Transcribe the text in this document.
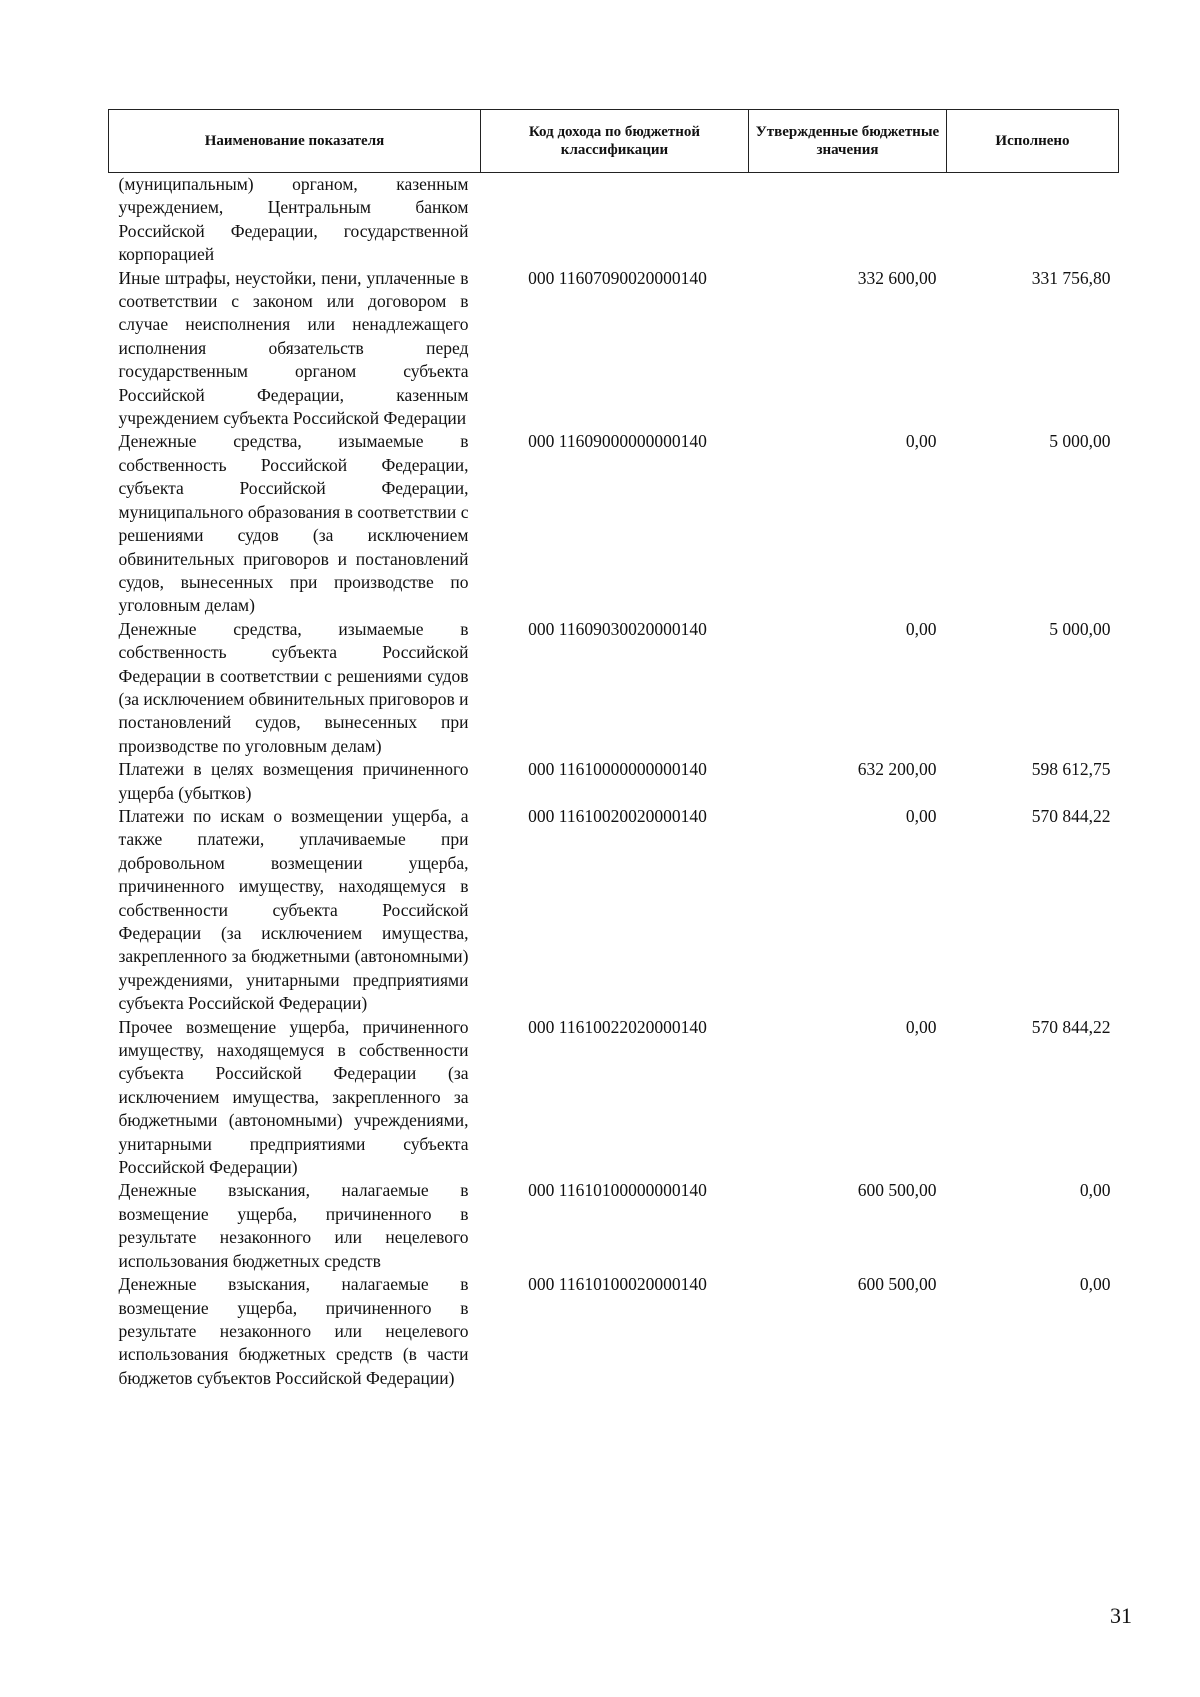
Наименование показателя	Код дохода по бюджетной классификации	Утвержденные бюджетные значения	Исполнено
(муниципальным) органом, казенным учреждением, Центральным банком Российской Федерации, государственной корпорацией			
Иные штрафы, неустойки, пени, уплаченные в соответствии с законом или договором в случае неисполнения или ненадлежащего исполнения обязательств перед государственным органом субъекта Российской Федерации, казенным учреждением субъекта Российской Федерации	000 11607090020000140	332 600,00	331 756,80
Денежные средства, изымаемые в собственность Российской Федерации, субъекта Российской Федерации, муниципального образования в соответствии с решениями судов (за исключением обвинительных приговоров и постановлений судов, вынесенных при производстве по уголовным делам)	000 11609000000000140	0,00	5 000,00
Денежные средства, изымаемые в собственность субъекта Российской Федерации в соответствии с решениями судов (за исключением обвинительных приговоров и постановлений судов, вынесенных при производстве по уголовным делам)	000 11609030020000140	0,00	5 000,00
Платежи в целях возмещения причиненного ущерба (убытков)	000 11610000000000140	632 200,00	598 612,75
Платежи по искам о возмещении ущерба, а также платежи, уплачиваемые при добровольном возмещении ущерба, причиненного имуществу, находящемуся в собственности субъекта Российской Федерации (за исключением имущества, закрепленного за бюджетными (автономными) учреждениями, унитарными предприятиями субъекта Российской Федерации)	000 11610020020000140	0,00	570 844,22
Прочее возмещение ущерба, причиненного имуществу, находящемуся в собственности субъекта Российской Федерации (за исключением имущества, закрепленного за бюджетными (автономными) учреждениями, унитарными предприятиями субъекта Российской Федерации)	000 11610022020000140	0,00	570 844,22
Денежные взыскания, налагаемые в возмещение ущерба, причиненного в результате незаконного или нецелевого использования бюджетных средств	000 11610100000000140	600 500,00	0,00
Денежные взыскания, налагаемые в возмещение ущерба, причиненного в результате незаконного или нецелевого использования бюджетных средств (в части бюджетов субъектов Российской Федерации)	000 11610100020000140	600 500,00	0,00
31
